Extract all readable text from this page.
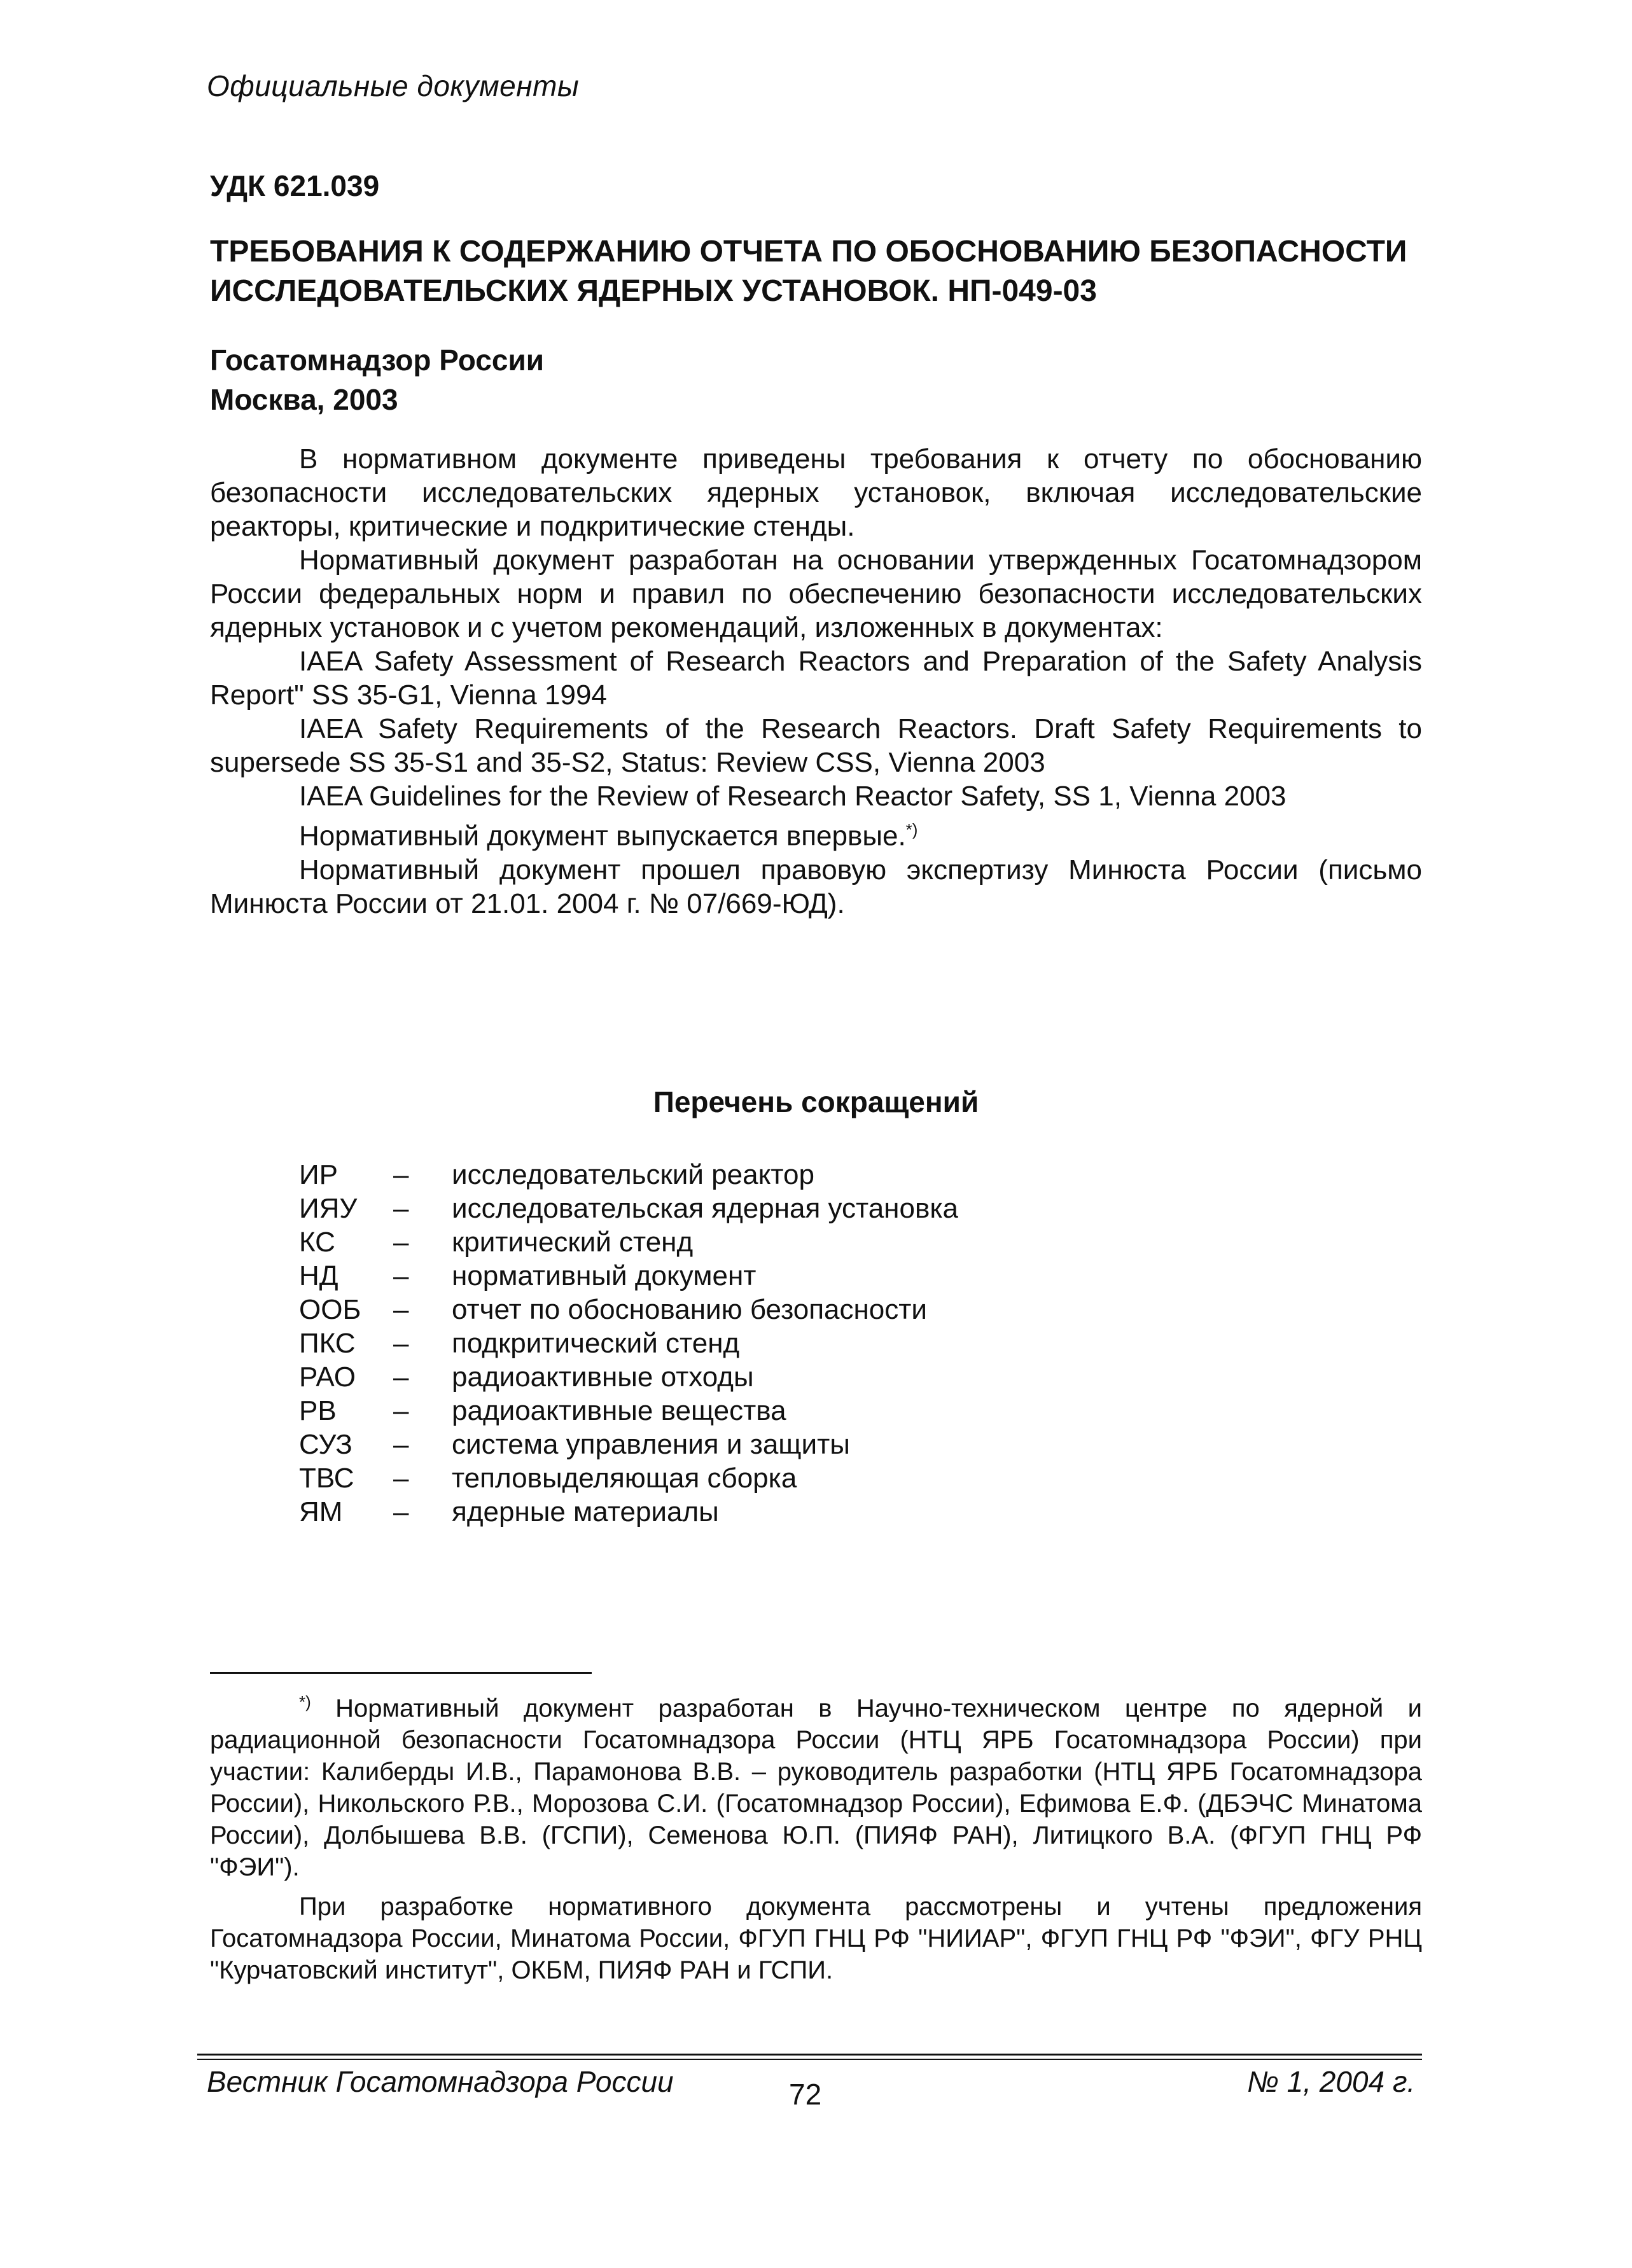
Официальные документы
УДК 621.039
ТРЕБОВАНИЯ К СОДЕРЖАНИЮ ОТЧЕТА ПО ОБОСНОВАНИЮ БЕЗОПАСНОСТИ
ИССЛЕДОВАТЕЛЬСКИХ ЯДЕРНЫХ УСТАНОВОК. НП-049-03
Госатомнадзор России
Москва, 2003

В нормативном документе приведены требования к отчету по обоснованию безопасности исследовательских ядерных установок, включая исследовательские реакторы, критические и подкритические стенды.

Нормативный документ разработан на основании утвержденных Госатомнадзором России федеральных норм и правил по обеспечению безопасности исследовательских ядерных установок и с учетом рекомендаций, изложенных в документах:

IAEA Safety Assessment of Research Reactors and Preparation of the Safety Analysis Report" SS 35-G1, Vienna 1994

IAEA Safety Requirements of the Research Reactors. Draft Safety Requirements to supersede SS 35-S1 and 35-S2, Status: Review CSS, Vienna 2003

IAEA Guidelines for the Review of Research Reactor Safety, SS 1, Vienna 2003

Нормативный документ выпускается впервые.*)

Нормативный документ прошел правовую экспертизу Минюста России (письмо Минюста России от 21.01. 2004 г. № 07/669-ЮД).

Перечень сокращений
ИР	–	исследовательский реактор
ИЯУ	–	исследовательская ядерная установка
КС	–	критический стенд
НД	–	нормативный документ
ООБ	–	отчет по обоснованию безопасности
ПКС	–	подкритический стенд
РАО	–	радиоактивные отходы
РВ	–	радиоактивные вещества
СУЗ	–	система управления и защиты
ТВС	–	тепловыделяющая сборка
ЯМ	–	ядерные материалы

*) Нормативный документ разработан в Научно-техническом центре по ядерной и радиационной безопасности Госатомнадзора России (НТЦ ЯРБ Госатомнадзора России) при участии: Калиберды И.В., Парамонова В.В. – руководитель разработки (НТЦ ЯРБ Госатомнадзора России), Никольского Р.В., Морозова С.И. (Госатомнадзор России), Ефимова Е.Ф. (ДБЭЧС Минатома России), Долбышева В.В. (ГСПИ), Семенова Ю.П. (ПИЯФ РАН), Литицкого В.А. (ФГУП ГНЦ РФ "ФЭИ").

При разработке нормативного документа рассмотрены и учтены предложения Госатомнадзора России, Минатома России, ФГУП ГНЦ РФ "НИИАР", ФГУП ГНЦ РФ "ФЭИ", ФГУ РНЦ "Курчатовский институт", ОКБМ, ПИЯФ РАН и ГСПИ.

Вестник Госатомнадзора России	72	№ 1, 2004 г.
